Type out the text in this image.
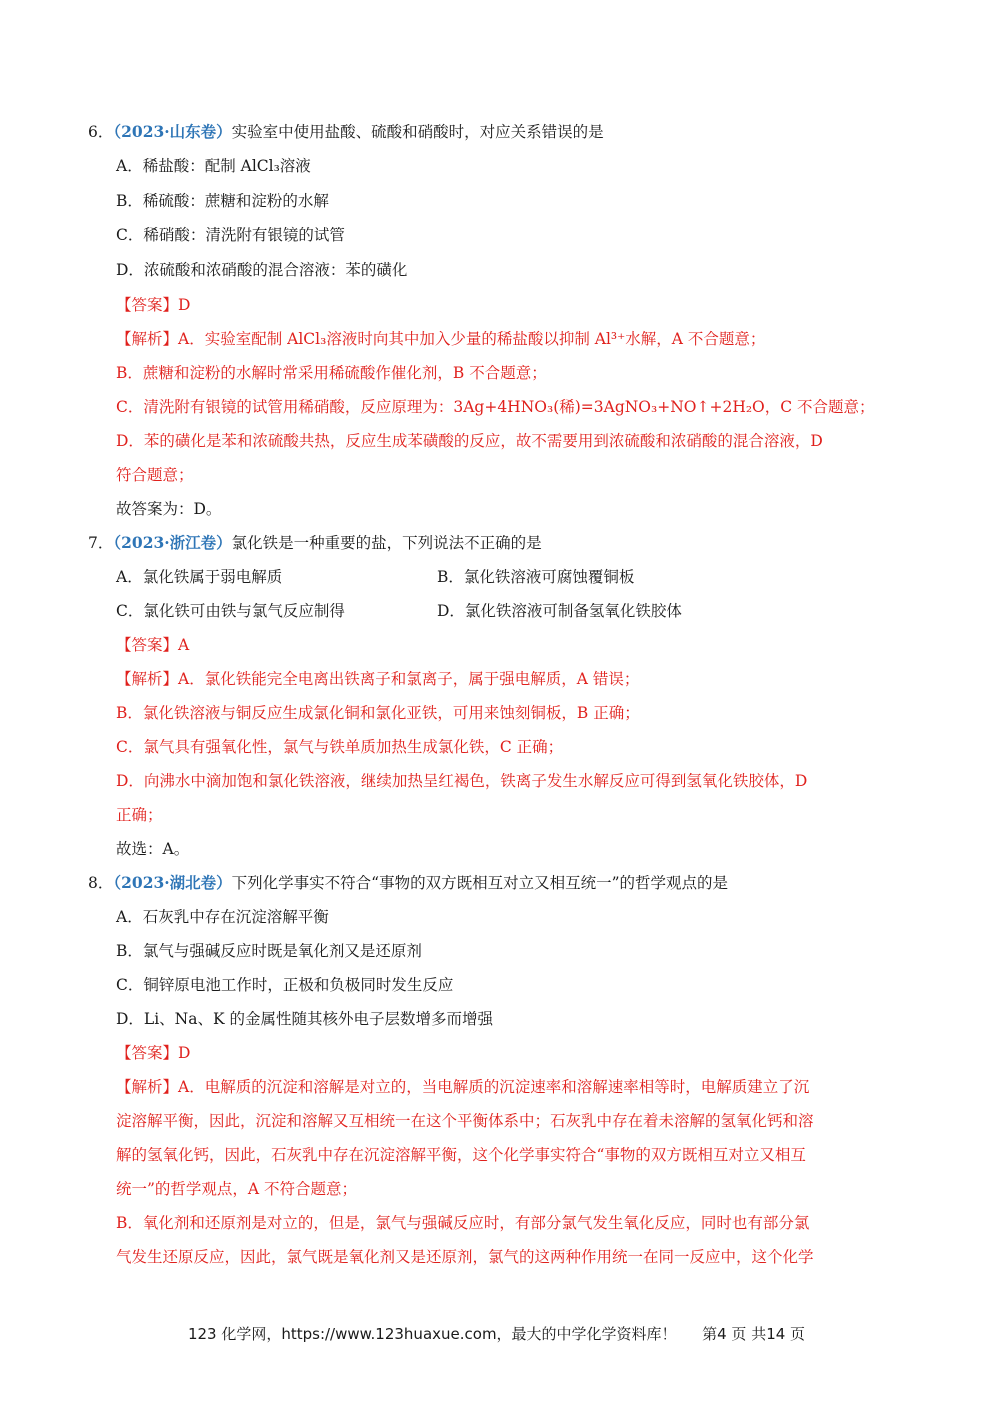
6．（2023·山东卷）实验室中使用盐酸、硫酸和硝酸时，对应关系错误的是
A．稀盐酸：配制 AlCl₃溶液
B．稀硫酸：蔗糖和淀粉的水解
C．稀硝酸：清洗附有银镜的试管
D．浓硫酸和浓硝酸的混合溶液：苯的磺化
【答案】D
【解析】A．实验室配制 AlCl₃溶液时向其中加入少量的稀盐酸以抑制 Al³⁺水解，A 不合题意；
B．蔗糖和淀粉的水解时常采用稀硫酸作催化剂，B 不合题意；
C．清洗附有银镜的试管用稀硝酸，反应原理为：3Ag+4HNO₃(稀)=3AgNO₃+NO↑+2H₂O，C 不合题意；
D．苯的磺化是苯和浓硫酸共热，反应生成苯磺酸的反应，故不需要用到浓硫酸和浓硝酸的混合溶液，D
符合题意；
故答案为：D。
7．（2023·浙江卷）氯化铁是一种重要的盐，下列说法不正确的是
A．氯化铁属于弱电解质	B．氯化铁溶液可腐蚀覆铜板
C．氯化铁可由铁与氯气反应制得	D．氯化铁溶液可制备氢氧化铁胶体
【答案】A
【解析】A．氯化铁能完全电离出铁离子和氯离子，属于强电解质，A 错误；
B．氯化铁溶液与铜反应生成氯化铜和氯化亚铁，可用来蚀刻铜板，B 正确；
C．氯气具有强氧化性，氯气与铁单质加热生成氯化铁，C 正确；
D．向沸水中滴加饱和氯化铁溶液，继续加热呈红褐色，铁离子发生水解反应可得到氢氧化铁胶体，D
正确；
故选：A。
8．（2023·湖北卷）下列化学事实不符合“事物的双方既相互对立又相互统一”的哲学观点的是
A．石灰乳中存在沉淀溶解平衡
B．氯气与强碱反应时既是氧化剂又是还原剂
C．铜锌原电池工作时，正极和负极同时发生反应
D．Li、Na、K 的金属性随其核外电子层数增多而增强
【答案】D
【解析】A．电解质的沉淀和溶解是对立的，当电解质的沉淀速率和溶解速率相等时，电解质建立了沉
淀溶解平衡，因此，沉淀和溶解又互相统一在这个平衡体系中；石灰乳中存在着未溶解的氢氧化钙和溶
解的氢氧化钙，因此，石灰乳中存在沉淀溶解平衡，这个化学事实符合“事物的双方既相互对立又相互
统一”的哲学观点，A 不符合题意；
B．氧化剂和还原剂是对立的，但是，氯气与强碱反应时，有部分氯气发生氧化反应，同时也有部分氯
气发生还原反应，因此，氯气既是氧化剂又是还原剂，氯气的这两种作用统一在同一反应中，这个化学
123 化学网，https://www.123huaxue.com，最大的中学化学资料库！ 第4 页 共14 页
